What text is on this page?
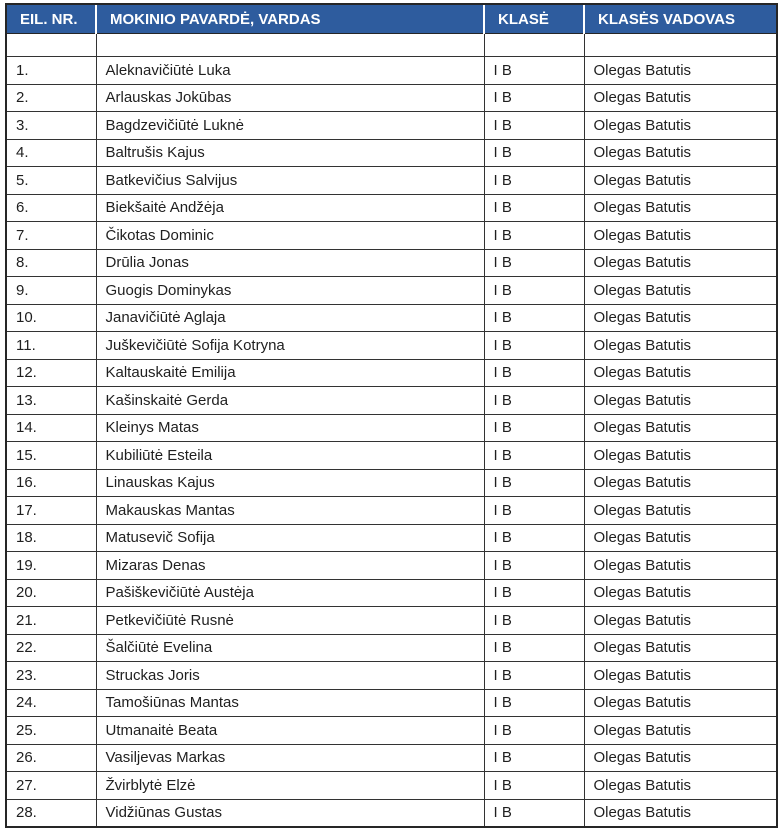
EIL. NR.	MOKINIO PAVARDĖ, VARDAS	KLASĖ	KLASĖS VADOVAS

1.	Aleknavičiūtė Luka	I B	Olegas Batutis
2.	Arlauskas Jokūbas	I B	Olegas Batutis
3.	Bagdzevičiūtė Luknė	I B	Olegas Batutis
4.	Baltrušis Kajus	I B	Olegas Batutis
5.	Batkevičius Salvijus	I B	Olegas Batutis
6.	Biekšaitė Andžėja	I B	Olegas Batutis
7.	Čikotas Dominic	I B	Olegas Batutis
8.	Drūlia Jonas	I B	Olegas Batutis
9.	Guogis Dominykas	I B	Olegas Batutis
10.	Janavičiūtė Aglaja	I B	Olegas Batutis
11.	Juškevičiūtė Sofija Kotryna	I B	Olegas Batutis
12.	Kaltauskaitė Emilija	I B	Olegas Batutis
13.	Kašinskaitė Gerda	I B	Olegas Batutis
14.	Kleinys Matas	I B	Olegas Batutis
15.	Kubiliūtė Esteila	I B	Olegas Batutis
16.	Linauskas Kajus	I B	Olegas Batutis
17.	Makauskas Mantas	I B	Olegas Batutis
18.	Matusevič Sofija	I B	Olegas Batutis
19.	Mizaras Denas	I B	Olegas Batutis
20.	Pašiškevičiūtė Austėja	I B	Olegas Batutis
21.	Petkevičiūtė Rusnė	I B	Olegas Batutis
22.	Šalčiūtė Evelina	I B	Olegas Batutis
23.	Struckas Joris	I B	Olegas Batutis
24.	Tamošiūnas Mantas	I B	Olegas Batutis
25.	Utmanaitė Beata	I B	Olegas Batutis
26.	Vasiljevas Markas	I B	Olegas Batutis
27.	Žvirblytė Elzė	I B	Olegas Batutis
28.	Vidžiūnas Gustas	I B	Olegas Batutis
